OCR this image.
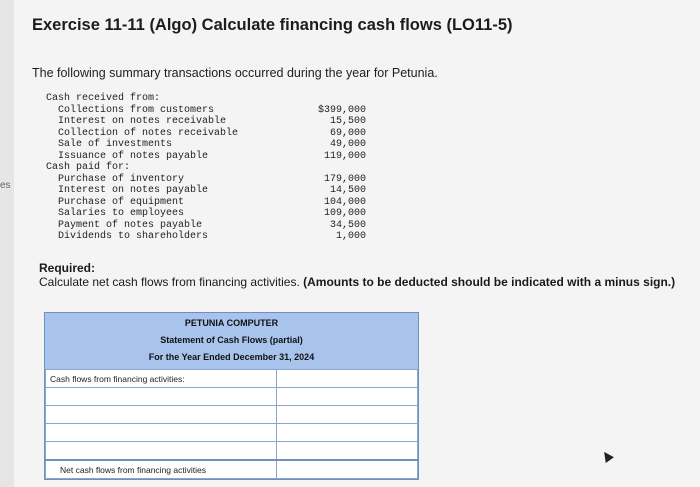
es
Exercise 11-11 (Algo) Calculate financing cash flows (LO11-5)
The following summary transactions occurred during the year for Petunia.
Cash received from:
Collections from customers	$399,000
Interest on notes receivable	15,500
Collection of notes receivable	69,000
Sale of investments	49,000
Issuance of notes payable	119,000
Cash paid for:
Purchase of inventory	179,000
Interest on notes payable	14,500
Purchase of equipment	104,000
Salaries to employees	109,000
Payment of notes payable	34,500
Dividends to shareholders	1,000
Required:
Calculate net cash flows from financing activities. (Amounts to be deducted should be indicated with a minus sign.)
PETUNIA COMPUTER
Statement of Cash Flows (partial)
For the Year Ended December 31, 2024
Cash flows from financing activities:	

Net cash flows from financing activities	
